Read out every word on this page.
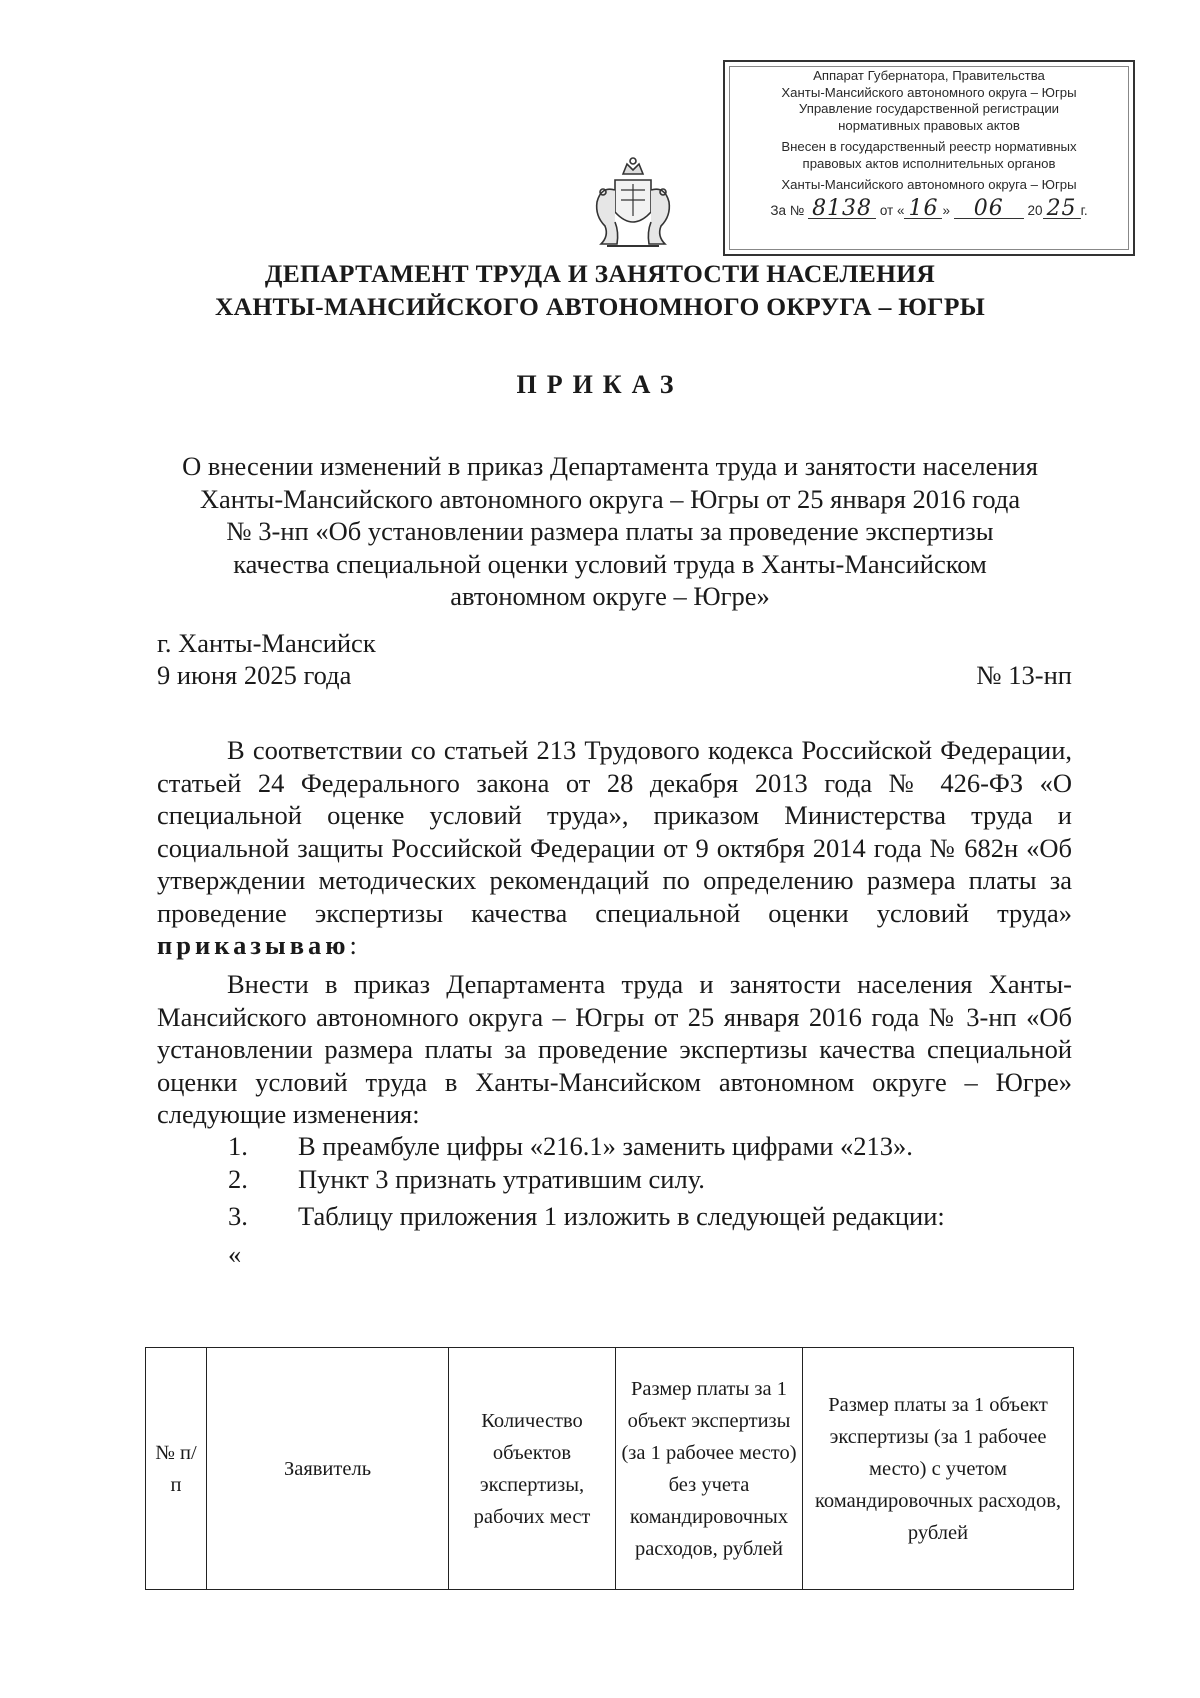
Аппарат Губернатора, Правительства
Ханты-Мансийского автономного округа – Югры
Управление государственной регистрации
нормативных правовых актов
Внесен в государственный реестр нормативных
правовых актов исполнительных органов
Ханты-Мансийского автономного округа – Югры
За № 8138 от « 16 » 06 20 25 г.
ДЕПАРТАМЕНТ ТРУДА И ЗАНЯТОСТИ НАСЕЛЕНИЯ
ХАНТЫ-МАНСИЙСКОГО АВТОНОМНОГО ОКРУГА – ЮГРЫ
ПРИКАЗ
О внесении изменений в приказ Департамента труда и занятости населения
Ханты-Мансийского автономного округа – Югры от 25 января 2016 года
№ 3-нп «Об установлении размера платы за проведение экспертизы
качества специальной оценки условий труда в Ханты-Мансийском
автономном округе – Югре»
г. Ханты-Мансийск
9 июня 2025 года	№ 13-нп
В соответствии со статьей 213 Трудового кодекса Российской Федерации, статьей 24 Федерального закона от 28 декабря 2013 года № 426-ФЗ «О специальной оценке условий труда», приказом Министерства труда и социальной защиты Российской Федерации от 9 октября 2014 года № 682н «Об утверждении методических рекомендаций по определению размера платы за проведение экспертизы качества специальной оценки условий труда» приказываю:
Внести в приказ Департамента труда и занятости населения Ханты-Мансийского автономного округа – Югры от 25 января 2016 года № 3-нп «Об установлении размера платы за проведение экспертизы качества специальной оценки условий труда в Ханты-Мансийском автономном округе – Югре» следующие изменения:
1. В преамбуле цифры «216.1» заменить цифрами «213».
2. Пункт 3 признать утратившим силу.
3. Таблицу приложения 1 изложить в следующей редакции:
«
№ п/п	Заявитель	Количество объектов экспертизы, рабочих мест	Размер платы за 1 объект экспертизы (за 1 рабочее место) без учета командировочных расходов, рублей	Размер платы за 1 объект экспертизы (за 1 рабочее место) с учетом командировочных расходов, рублей
